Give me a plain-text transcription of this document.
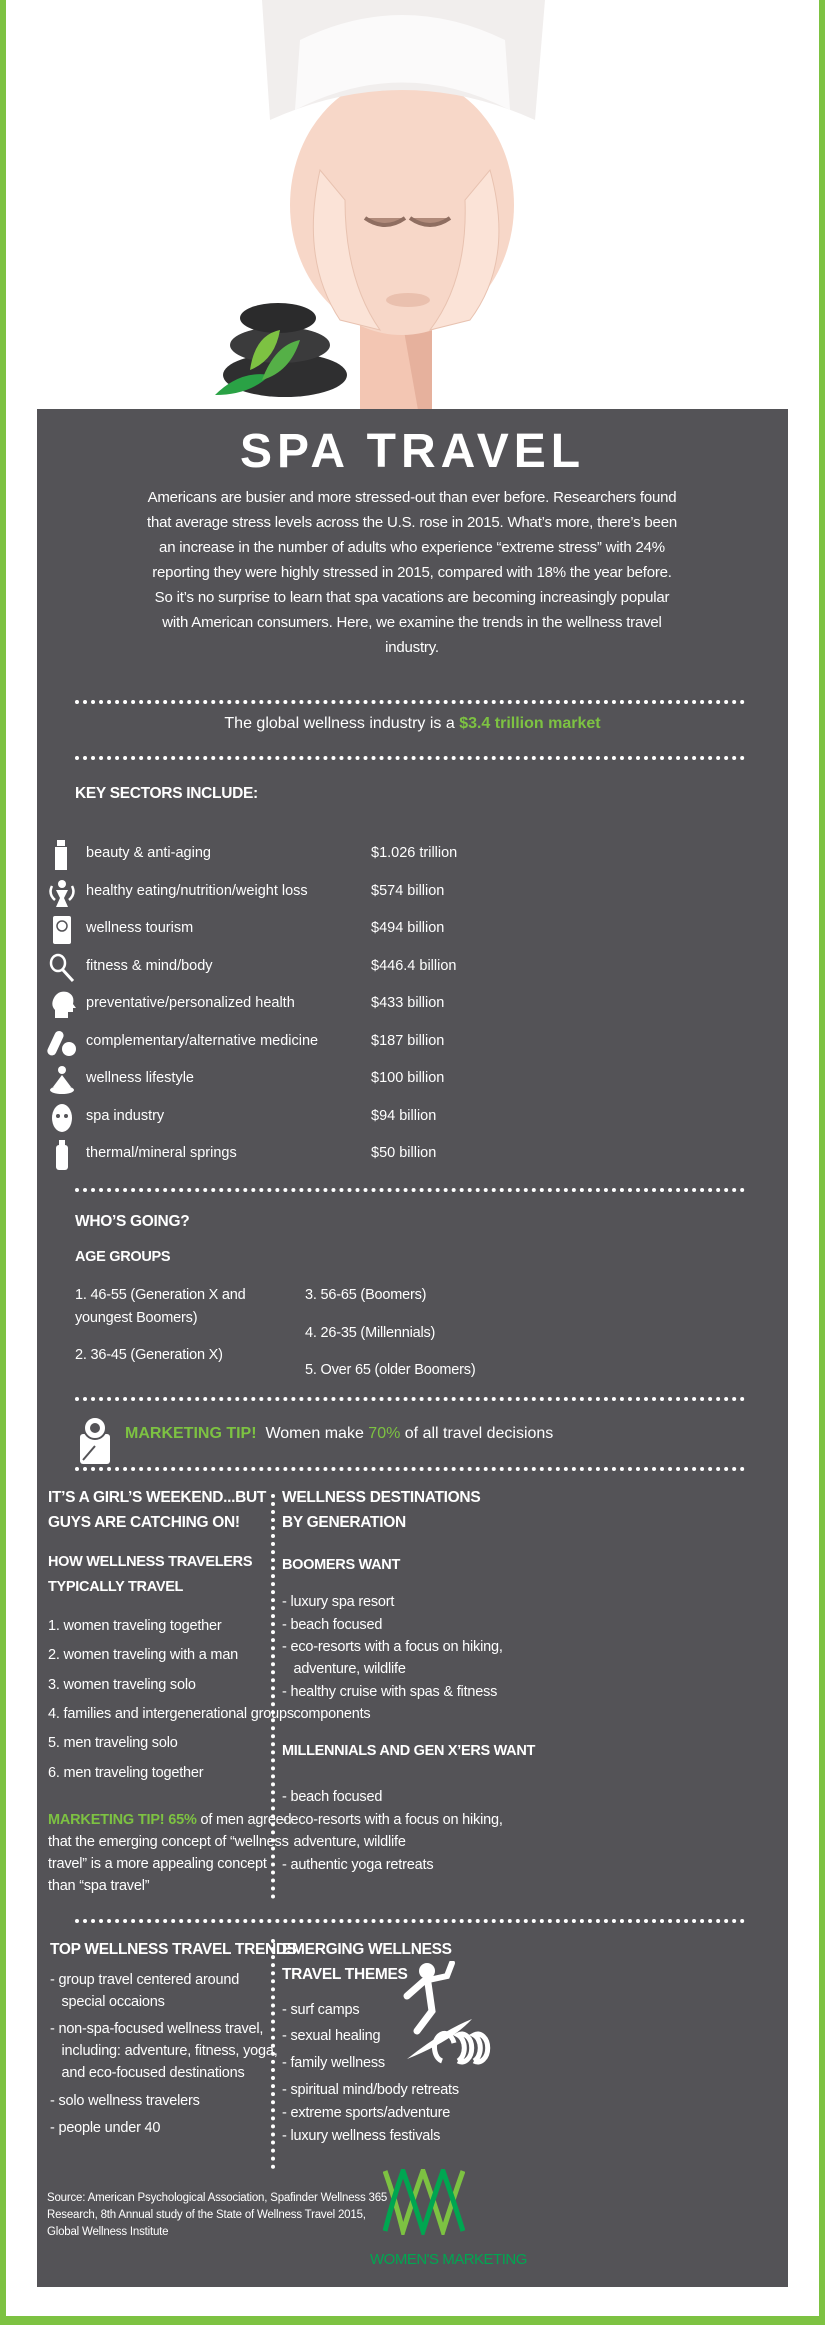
SPA TRAVEL
Americans are busier and more stressed-out than ever before. Researchers found that average stress levels across the U.S. rose in 2015. What’s more, there’s been an increase in the number of adults who experience “extreme stress” with 24% reporting they were highly stressed in 2015, compared with 18% the year before. So it’s no surprise to learn that spa vacations are becoming increasingly popular with American consumers. Here, we examine the trends in the wellness travel industry.
The global wellness industry is a $3.4 trillion market
KEY SECTORS INCLUDE:
beauty & anti-aging	$1.026 trillion
healthy eating/nutrition/weight loss	$574 billion
wellness tourism	$494 billion
fitness & mind/body	$446.4 billion
preventative/personalized health	$433 billion
complementary/alternative medicine	$187 billion
wellness lifestyle	$100 billion
spa industry	$94 billion
thermal/mineral springs	$50 billion
WHO’S GOING?
AGE GROUPS
1. 46-55 (Generation X and
youngest Boomers)
2. 36-45 (Generation X)
3. 56-65 (Boomers)
4. 26-35 (Millennials)
5. Over 65 (older Boomers)
MARKETING TIP! Women make 70% of all travel decisions
IT’S A GIRL’S WEEKEND...BUT
GUYS ARE CATCHING ON!
HOW WELLNESS TRAVELERS
TYPICALLY TRAVEL
1. women traveling together
2. women traveling with a man
3. women traveling solo
4. families and intergenerational groups
5. men traveling solo
6. men traveling together
MARKETING TIP! 65% of men agreed
that the emerging concept of “wellness
travel” is a more appealing concept
than “spa travel”
WELLNESS DESTINATIONS
BY GENERATION
BOOMERS WANT
- luxury spa resort
- beach focused
- eco-resorts with a focus on hiking,
adventure, wildlife
- healthy cruise with spas & fitness
components
MILLENNIALS AND GEN X’ERS WANT
- beach focused
- eco-resorts with a focus on hiking,
adventure, wildlife
- authentic yoga retreats
TOP WELLNESS TRAVEL TRENDS
- group travel centered around
special occaions
- non-spa-focused wellness travel,
including: adventure, fitness, yoga,
and eco-focused destinations
- solo wellness travelers
- people under 40
EMERGING WELLNESS
TRAVEL THEMES
- surf camps
- sexual healing
- family wellness
- spiritual mind/body retreats
- extreme sports/adventure
- luxury wellness festivals
Source: American Psychological Association, Spafinder Wellness 365
Research, 8th Annual study of the State of Wellness Travel 2015,
Global Wellness Institute
WOMEN'S MARKETING
